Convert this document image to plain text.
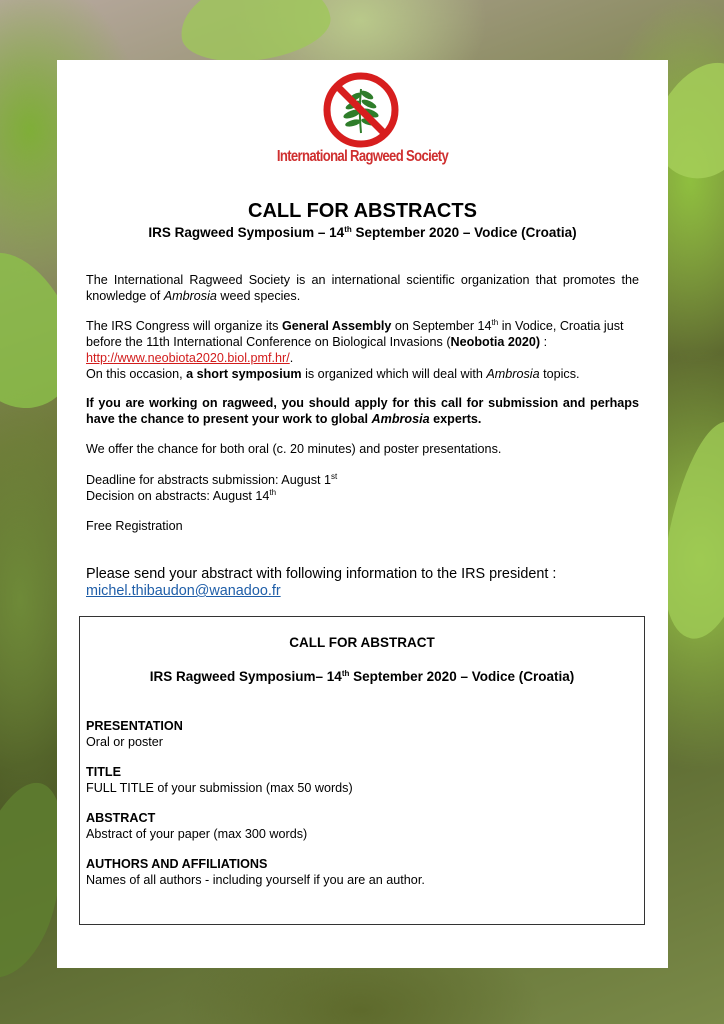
International Ragweed Society
CALL FOR ABSTRACTS
IRS Ragweed Symposium – 14th September 2020 – Vodice (Croatia)
The International Ragweed Society is an international scientific organization that promotes the knowledge of Ambrosia weed species.
The IRS Congress will organize its General Assembly on September 14th in Vodice, Croatia just before the 11th International Conference on Biological Invasions (Neobotia 2020) :
http://www.neobiota2020.biol.pmf.hr/.
On this occasion, a short symposium is organized which will deal with Ambrosia topics.
If you are working on ragweed, you should apply for this call for submission and perhaps have the chance to present your work to global Ambrosia experts.
We offer the chance for both oral (c. 20 minutes) and poster presentations.
Deadline for abstracts submission: August 1st
Decision on abstracts: August 14th
Free Registration
Please send your abstract with following information to the IRS president :
michel.thibaudon@wanadoo.fr
CALL FOR ABSTRACT
IRS Ragweed Symposium– 14th September 2020 – Vodice (Croatia)
PRESENTATION
Oral or poster
TITLE
FULL TITLE of your submission (max 50 words)
ABSTRACT
Abstract of your paper (max 300 words)
AUTHORS AND AFFILIATIONS
Names of all authors - including yourself if you are an author.
